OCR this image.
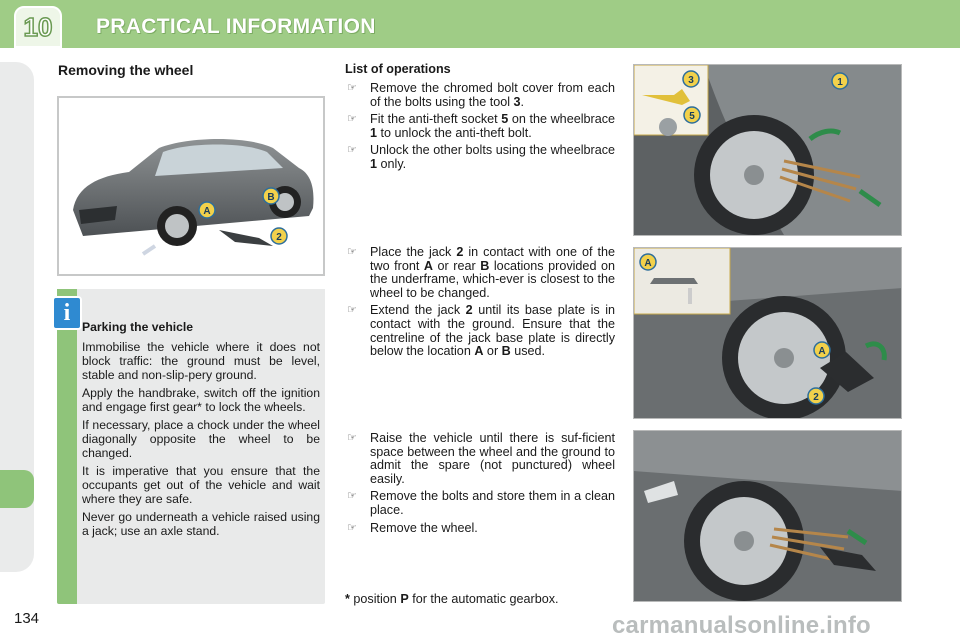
10 PRACTICAL INFORMATION
Removing the wheel
A
B
2
i
Parking the vehicle

Immobilise the vehicle where it does not block traffic: the ground must be level, stable and non-slip-pery ground.

Apply the handbrake, switch off the ignition and engage first gear* to lock the wheels.

If necessary, place a chock under the wheel diagonally opposite the wheel to be changed.

It is imperative that you ensure that the occupants get out of the vehicle and wait where they are safe.

Never go underneath a vehicle raised using a jack; use an axle stand.

List of operations
☞ Remove the chromed bolt cover from each of the bolts using the tool 3.
☞ Fit the anti-theft socket 5 on the wheelbrace 1 to unlock the anti-theft bolt.
☞ Unlock the other bolts using the wheelbrace 1 only.
☞ Place the jack 2 in contact with one of the two front A or rear B locations provided on the underframe, which-ever is closest to the wheel to be changed.
☞ Extend the jack 2 until its base plate is in contact with the ground. Ensure that the centreline of the jack base plate is directly below the location A or B used.
☞ Raise the vehicle until there is suf-ficient space between the wheel and the ground to admit the spare (not punctured) wheel easily.
☞ Remove the bolts and store them in a clean place.
☞ Remove the wheel.
* position P for the automatic gearbox.
3	1
5
A
A
2
134	carmanualsonline.info
